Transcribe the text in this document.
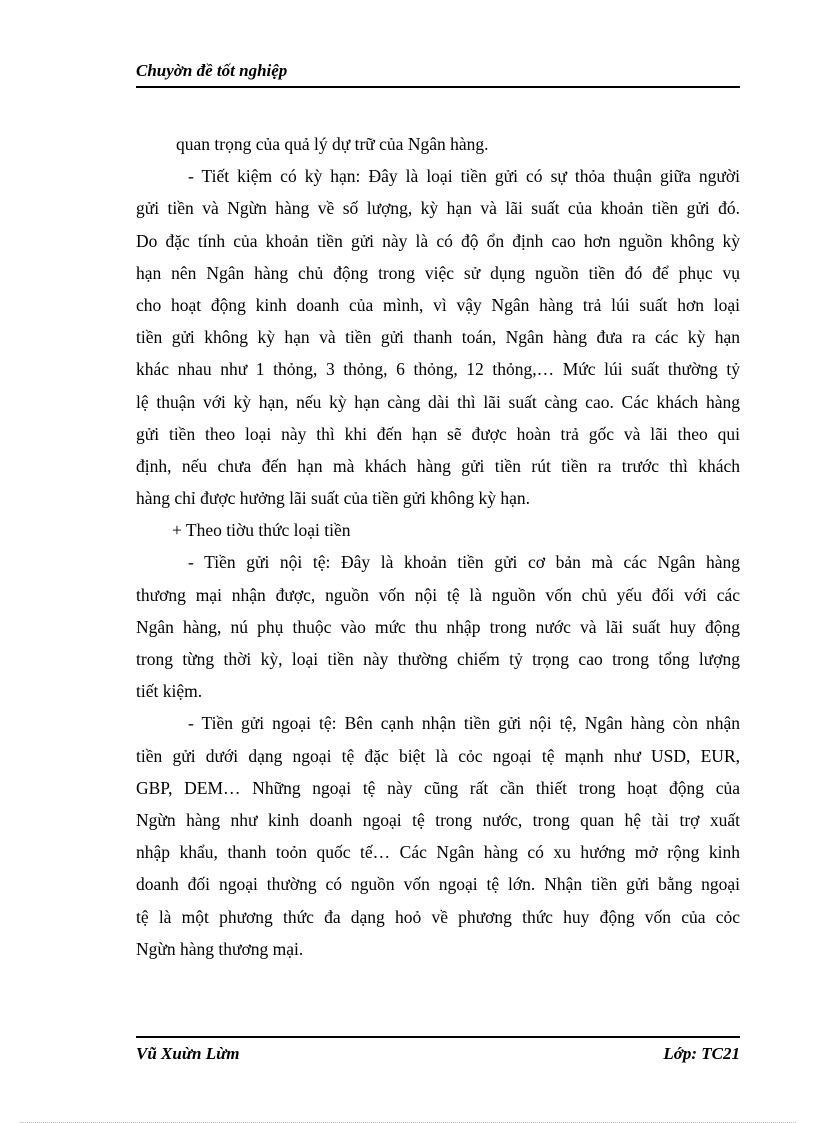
Chuyờn đề tốt nghiệp
quan trọng của quả lý dự trữ của Ngân hàng.
- Tiết kiệm có kỳ hạn: Đây là loại tiền gửi có sự thỏa thuận giữa người
gửi tiền và Ngừn hàng về số lượng, kỳ hạn và lãi suất của khoản tiền gửi đó.
Do đặc tính của khoản tiền gửi này là có độ ổn định cao hơn nguồn không kỳ
hạn nên Ngân hàng chủ động trong việc sử dụng nguồn tiền đó để phục vụ
cho hoạt động kinh doanh của mình, vì vậy Ngân hàng trả lúi suất hơn loại
tiền gửi không kỳ hạn và tiền gửi thanh toán, Ngân hàng đưa ra các kỳ hạn
khác nhau như 1 thỏng, 3 thỏng, 6 thỏng, 12 thỏng,… Mức lúi suất thường tỷ
lệ thuận với kỳ hạn, nếu kỳ hạn càng dài thì lãi suất càng cao. Các khách hàng
gửi tiền theo loại này thì khi đến hạn sẽ được hoàn trả gốc và lãi theo qui
định, nếu chưa đến hạn mà khách hàng gửi tiền rút tiền ra trước thì khách
hàng chỉ được hưởng lãi suất của tiền gửi không kỳ hạn.
+ Theo tiờu thức loại tiền
- Tiền gửi nội tệ: Đây là khoản tiền gửi cơ bản mà các Ngân hàng
thương mại nhận được, nguồn vốn nội tệ là nguồn vốn chủ yếu đối với các
Ngân hàng, nú phụ thuộc vào mức thu nhập trong nước và lãi suất huy động
trong từng thời kỳ, loại tiền này thường chiếm tỷ trọng cao trong tổng lượng
tiết kiệm.
- Tiền gửi ngoại tệ: Bên cạnh nhận tiền gửi nội tệ, Ngân hàng còn nhận
tiền gửi dưới dạng ngoại tệ đặc biệt là cỏc ngoại tệ mạnh như USD, EUR,
GBP, DEM… Những ngoại tệ này cũng rất cần thiết trong hoạt động của
Ngừn hàng như kinh doanh ngoại tệ trong nước, trong quan hệ tài trợ xuất
nhập khẩu, thanh toỏn quốc tế… Các Ngân hàng có xu hướng mở rộng kinh
doanh đối ngoại thường có nguồn vốn ngoại tệ lớn. Nhận tiền gửi bằng ngoại
tệ là một phương thức đa dạng hoỏ về phương thức huy động vốn của cỏc
Ngừn hàng thương mại.
Vũ Xuừn Lừm	Lớp: TC21
